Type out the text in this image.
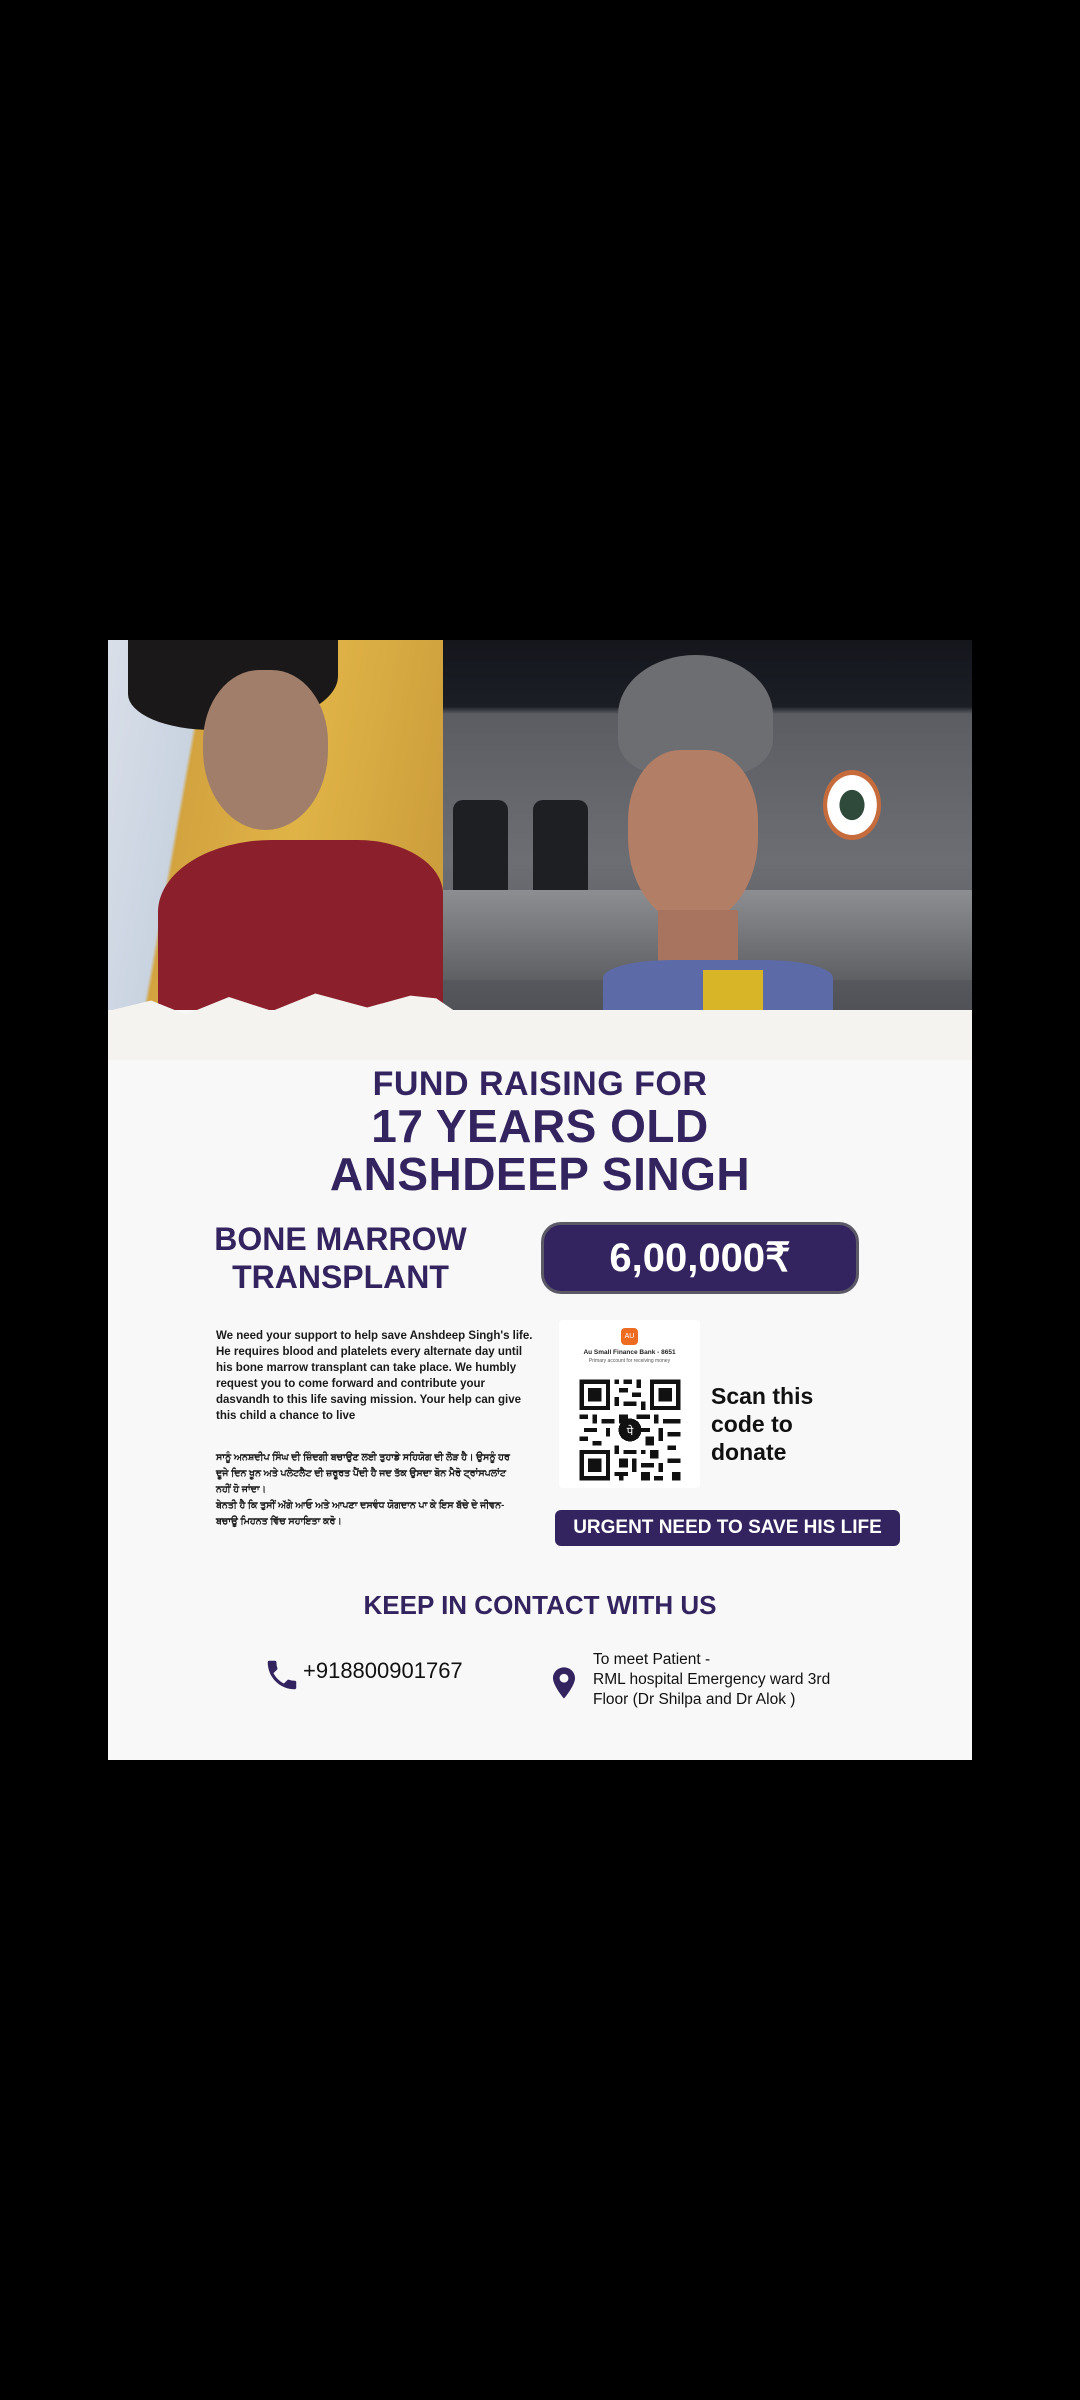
FUND RAISING FOR
17 YEARS OLD
ANSHDEEP SINGH
BONE MARROW
TRANSPLANT	6,00,000₹
We need your support to help save Anshdeep Singh's life.
He requires blood and platelets every alternate day until his bone marrow transplant can take place. We humbly request you to come forward and contribute your dasvandh to this life saving mission. Your help can give this child a chance to live
ਸਾਨੂੰ ਅਨਸ਼ਦੀਪ ਸਿੰਘ ਦੀ ਜ਼ਿੰਦਗੀ ਬਚਾਉਣ ਲਈ ਤੁਹਾਡੇ ਸਹਿਯੋਗ ਦੀ ਲੋੜ ਹੈ। ਉਸਨੂੰ ਹਰ ਦੂਜੇ ਦਿਨ ਖੂਨ ਅਤੇ ਪਲੇਟਲੈਟ ਦੀ ਜ਼ਰੂਰਤ ਪੈਂਦੀ ਹੈ ਜਦ ਤੱਕ ਉਸਦਾ ਬੋਨ ਮੈਰੋ ਟ੍ਰਾਂਸਪਲਾਂਟ ਨਹੀਂ ਹੋ ਜਾਂਦਾ।
ਬੇਨਤੀ ਹੈ ਕਿ ਤੁਸੀਂ ਅੱਗੇ ਆਓ ਅਤੇ ਆਪਣਾ ਦਸਵੰਧ ਯੋਗਦਾਨ ਪਾ ਕੇ ਇਸ ਬੱਚੇ ਦੇ ਜੀਵਨ-ਬਚਾਊ ਮਿਹਨਤ ਵਿੱਚ ਸਹਾਇਤਾ ਕਰੋ।
AU
Au Small Finance Bank - 8651
Primary account for receiving money
पे
Scan this
code to
donate
URGENT NEED TO SAVE HIS LIFE
KEEP IN CONTACT WITH US
+918800901767	To meet Patient -
RML hospital Emergency ward 3rd
Floor (Dr Shilpa and Dr Alok )
